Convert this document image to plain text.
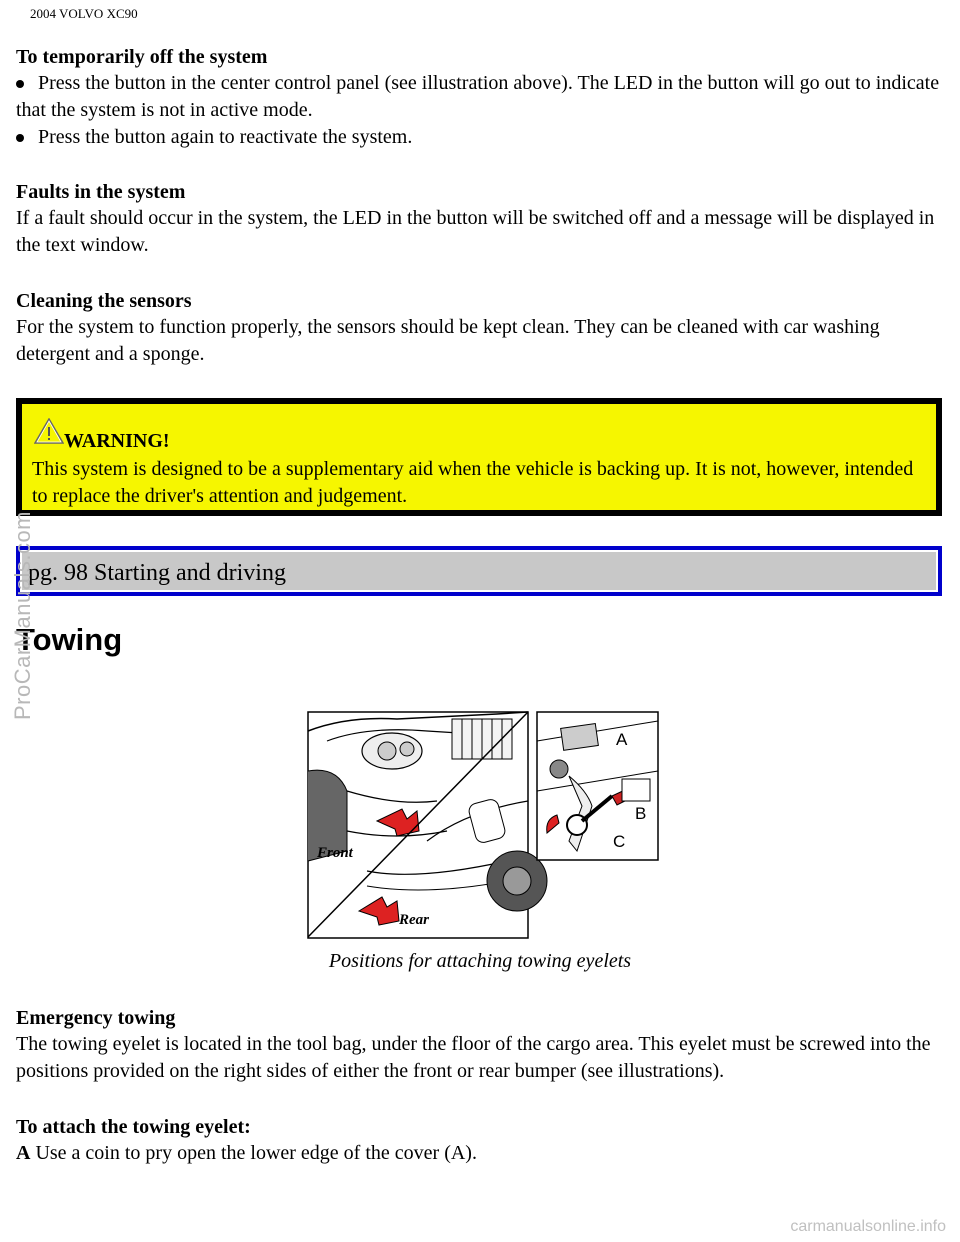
2004 VOLVO XC90
To temporarily off the system
Press the button in the center control panel (see illustration above). The LED in the button will go out to indicate that the system is not in active mode.
Press the button again to reactivate the system.
Faults in the system
If a fault should occur in the system, the LED in the button will be switched off and a message will be displayed in the text window.
Cleaning the sensors
For the system to function properly, the sensors should be kept clean. They can be cleaned with car washing detergent and a sponge.
WARNING!
This system is designed to be a supplementary aid when the vehicle is backing up. It is not, however, intended to replace the driver's attention and judgement.
pg. 98 Starting and driving
Towing
Front
Rear
A
B
C
Positions for attaching towing eyelets
Emergency towing
The towing eyelet is located in the tool bag, under the floor of the cargo area. This eyelet must be screwed into the positions provided on the right sides of either the front or rear bumper (see illustrations).
To attach the towing eyelet:
A Use a coin to pry open the lower edge of the cover (A).
ProCarManuals.com
carmanualsonline.info
